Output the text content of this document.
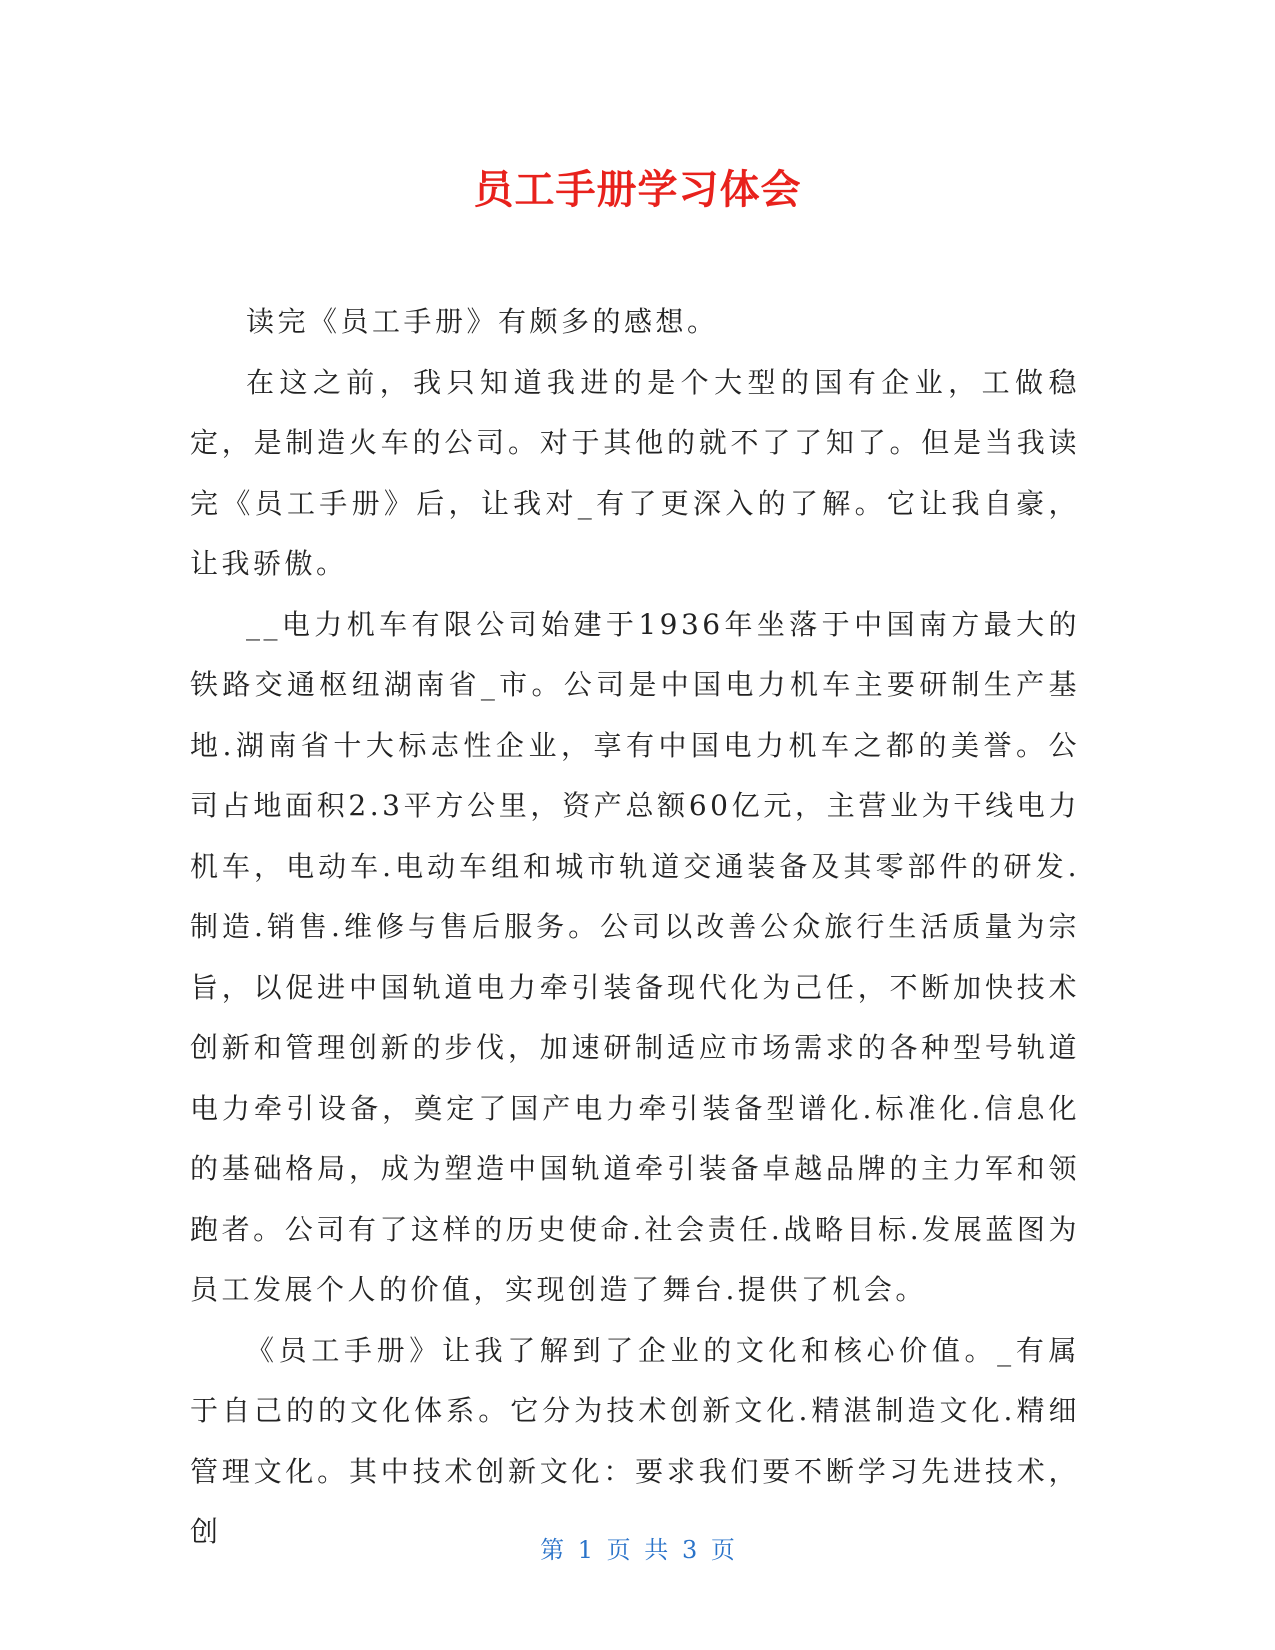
员工手册学习体会

读完《员工手册》有颇多的感想。

在这之前，我只知道我进的是个大型的国有企业，工做稳定，是制造火车的公司。对于其他的就不了了知了。但是当我读完《员工手册》后，让我对_有了更深入的了解。它让我自豪，让我骄傲。

__电力机车有限公司始建于1936年坐落于中国南方最大的铁路交通枢纽湖南省_市。公司是中国电力机车主要研制生产基地.湖南省十大标志性企业，享有中国电力机车之都的美誉。公司占地面积2.3平方公里，资产总额60亿元，主营业为干线电力机车，电动车.电动车组和城市轨道交通装备及其零部件的研发.制造.销售.维修与售后服务。公司以改善公众旅行生活质量为宗旨，以促进中国轨道电力牵引装备现代化为己任，不断加快技术创新和管理创新的步伐，加速研制适应市场需求的各种型号轨道电力牵引设备，奠定了国产电力牵引装备型谱化.标准化.信息化的基础格局，成为塑造中国轨道牵引装备卓越品牌的主力军和领跑者。公司有了这样的历史使命.社会责任.战略目标.发展蓝图为员工发展个人的价值，实现创造了舞台.提供了机会。

《员工手册》让我了解到了企业的文化和核心价值。_有属于自己的的文化体系。它分为技术创新文化.精湛制造文化.精细管理文化。其中技术创新文化：要求我们要不断学习先进技术，创

第 1 页 共 3 页
